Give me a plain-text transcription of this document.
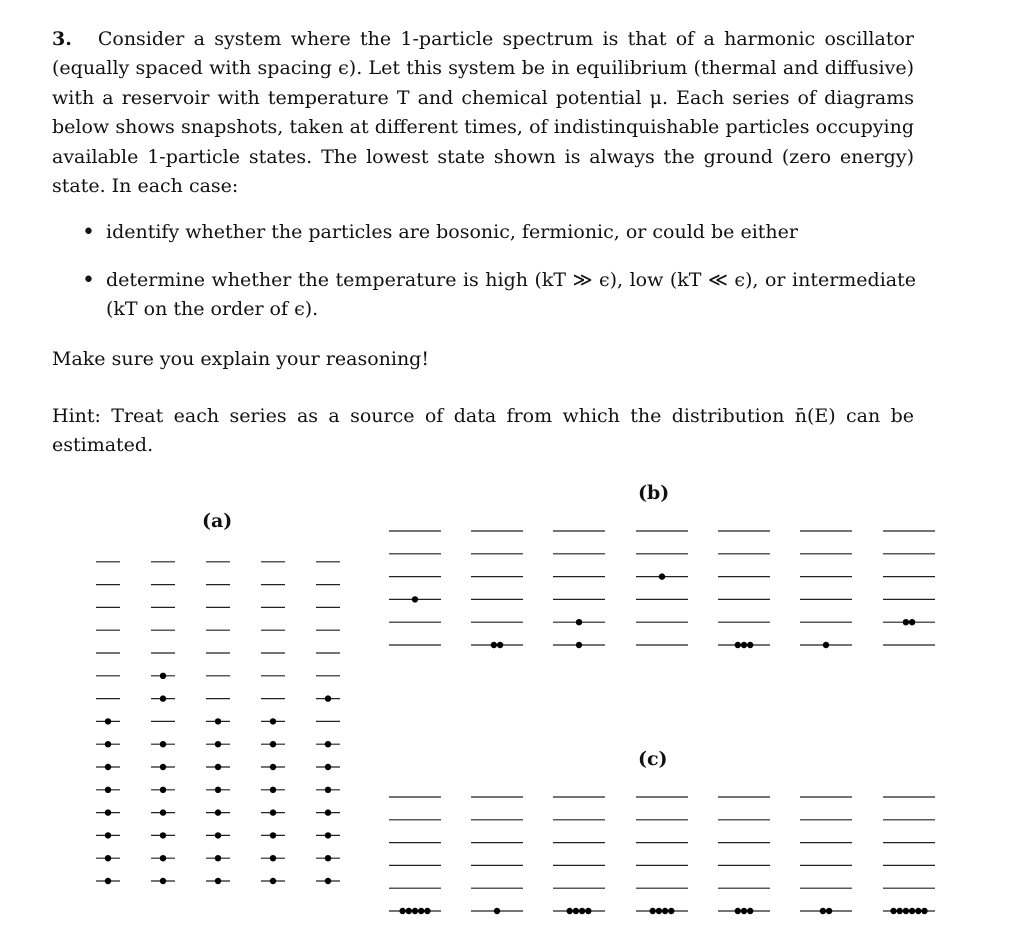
3. Consider a system where the 1-particle spectrum is that of a harmonic oscillator (equally spaced with spacing ϵ). Let this system be in equilibrium (thermal and diffusive) with a reservoir with temperature T and chemical potential μ. Each series of diagrams below shows snapshots, taken at different times, of indistinquishable particles occupying available 1-particle states. The lowest state shown is always the ground (zero energy) state. In each case:
• identify whether the particles are bosonic, fermionic, or could be either
• determine whether the temperature is high (kT ≫ ϵ), low (kT ≪ ϵ), or intermediate (kT on the order of ϵ).
Make sure you explain your reasoning!
Hint: Treat each series as a source of data from which the distribution n̄(E) can be estimated.
(a)
(b)
(c)
